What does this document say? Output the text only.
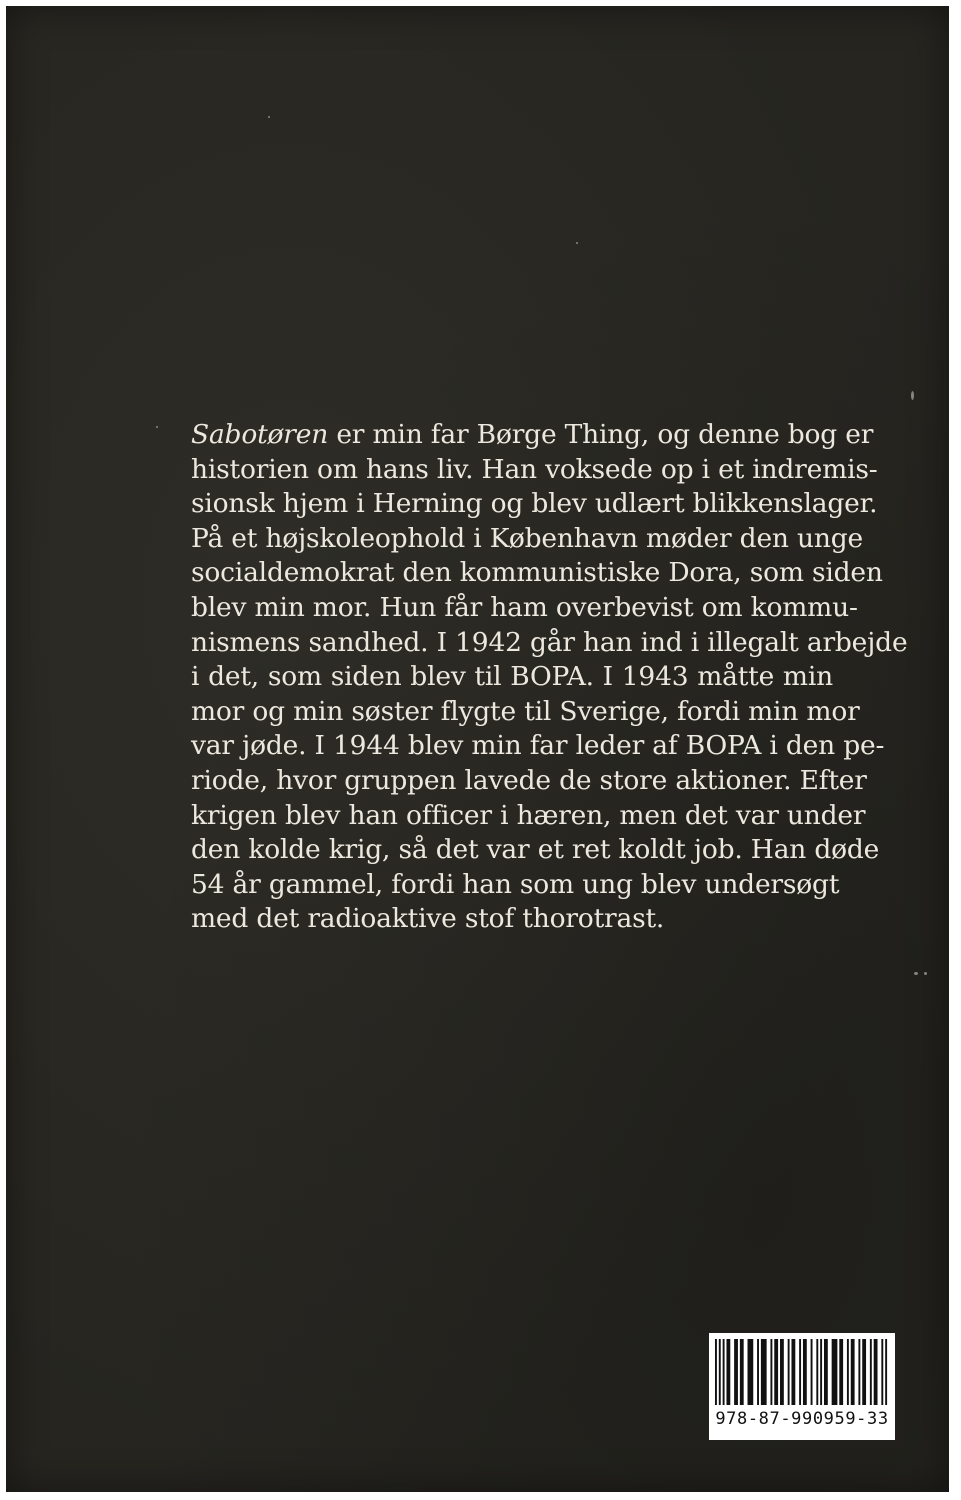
Sabotøren er min far Børge Thing, og denne bog er
historien om hans liv. Han voksede op i et indremis-
sionsk hjem i Herning og blev udlært blikkenslager.
På et højskoleophold i København møder den unge
socialdemokrat den kommunistiske Dora, som siden
blev min mor. Hun får ham overbevist om kommu-
nismens sandhed. I 1942 går han ind i illegalt arbejde
i det, som siden blev til BOPA. I 1943 måtte min
mor og min søster flygte til Sverige, fordi min mor
var jøde. I 1944 blev min far leder af BOPA i den pe-
riode, hvor gruppen lavede de store aktioner. Efter
krigen blev han officer i hæren, men det var under
den kolde krig, så det var et ret koldt job. Han døde
54 år gammel, fordi han som ung blev undersøgt
med det radioaktive stof thorotrast.
978-87-990959-33
